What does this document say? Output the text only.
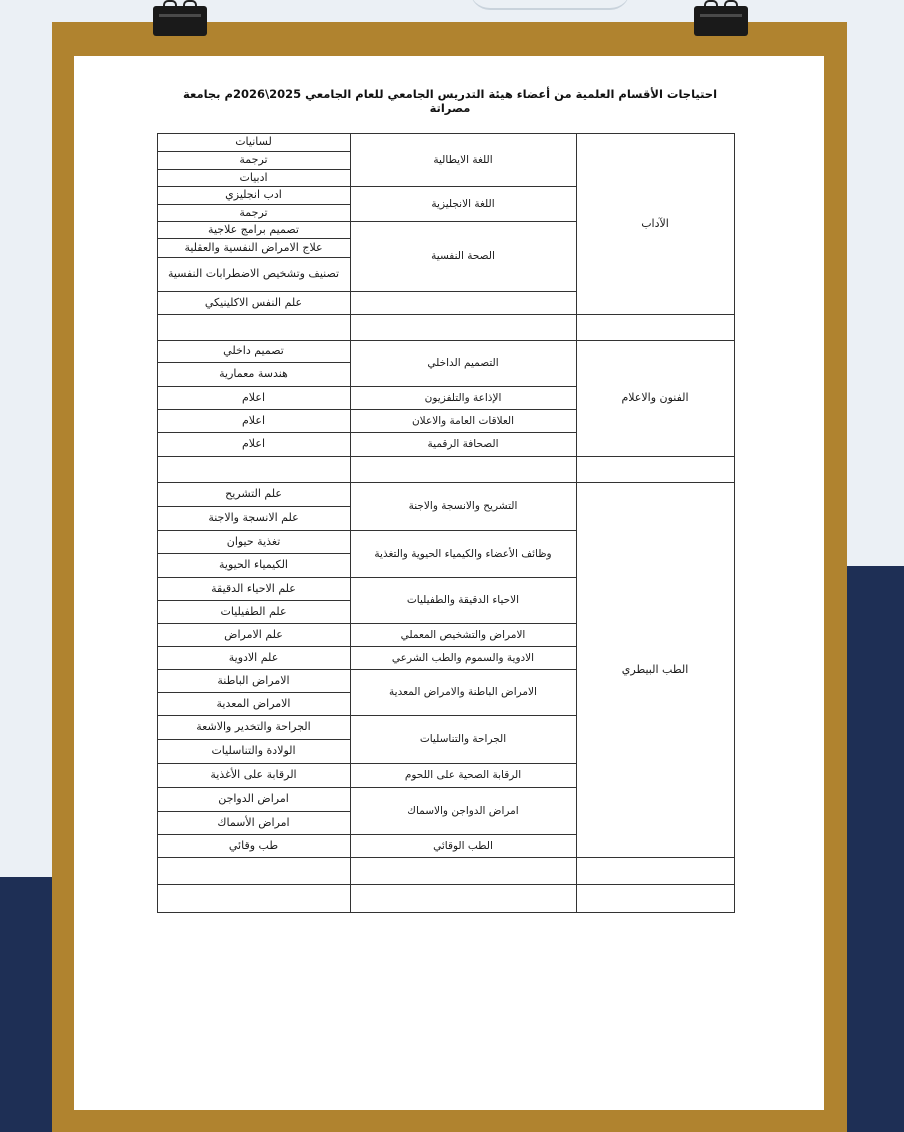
احتياجات الأقسام العلمية من أعضاء هيئة التدريس الجامعي للعام الجامعي 2025\2026م بجامعة مصراتة
لسانيات
ترجمة
ادبيات
ادب انجليزي
ترجمة
تصميم برامج علاجية
علاج الامراض النفسية والعقلية
تصنيف وتشخيص الاضطرابات النفسية
علم النفس الاكلينيكي
تصميم داخلي
هندسة معمارية
اعلام
اعلام
اعلام
علم التشريح
علم الانسجة والاجنة
تغذية حيوان
الكيمياء الحيوية
علم الاحياء الدقيقة
علم الطفيليات
علم الامراض
علم الادوية
الامراض الباطنة
الامراض المعدية
الجراحة والتخدير والاشعة
الولادة والتناسليات
الرقابة على الأغذية
امراض الدواجن
امراض الأسماك
طب وقائي
اللغة الايطالية
اللغة الانجليزية
الصحة النفسية
التصميم الداخلي
الإذاعة والتلفزيون
العلاقات العامة والاعلان
الصحافة الرقمية
التشريح والانسجة والاجنة
وظائف الأعضاء والكيمياء الحيوية والتغذية
الاحياء الدقيقة والطفيليات
الامراض والتشخيص المعملي
الادوية والسموم والطب الشرعي
الامراض الباطنة والامراض المعدية
الجراحة والتناسليات
الرقابة الصحية على اللحوم
امراض الدواجن والاسماك
الطب الوقائي
الآداب
الفنون والاعلام
الطب البيطري
